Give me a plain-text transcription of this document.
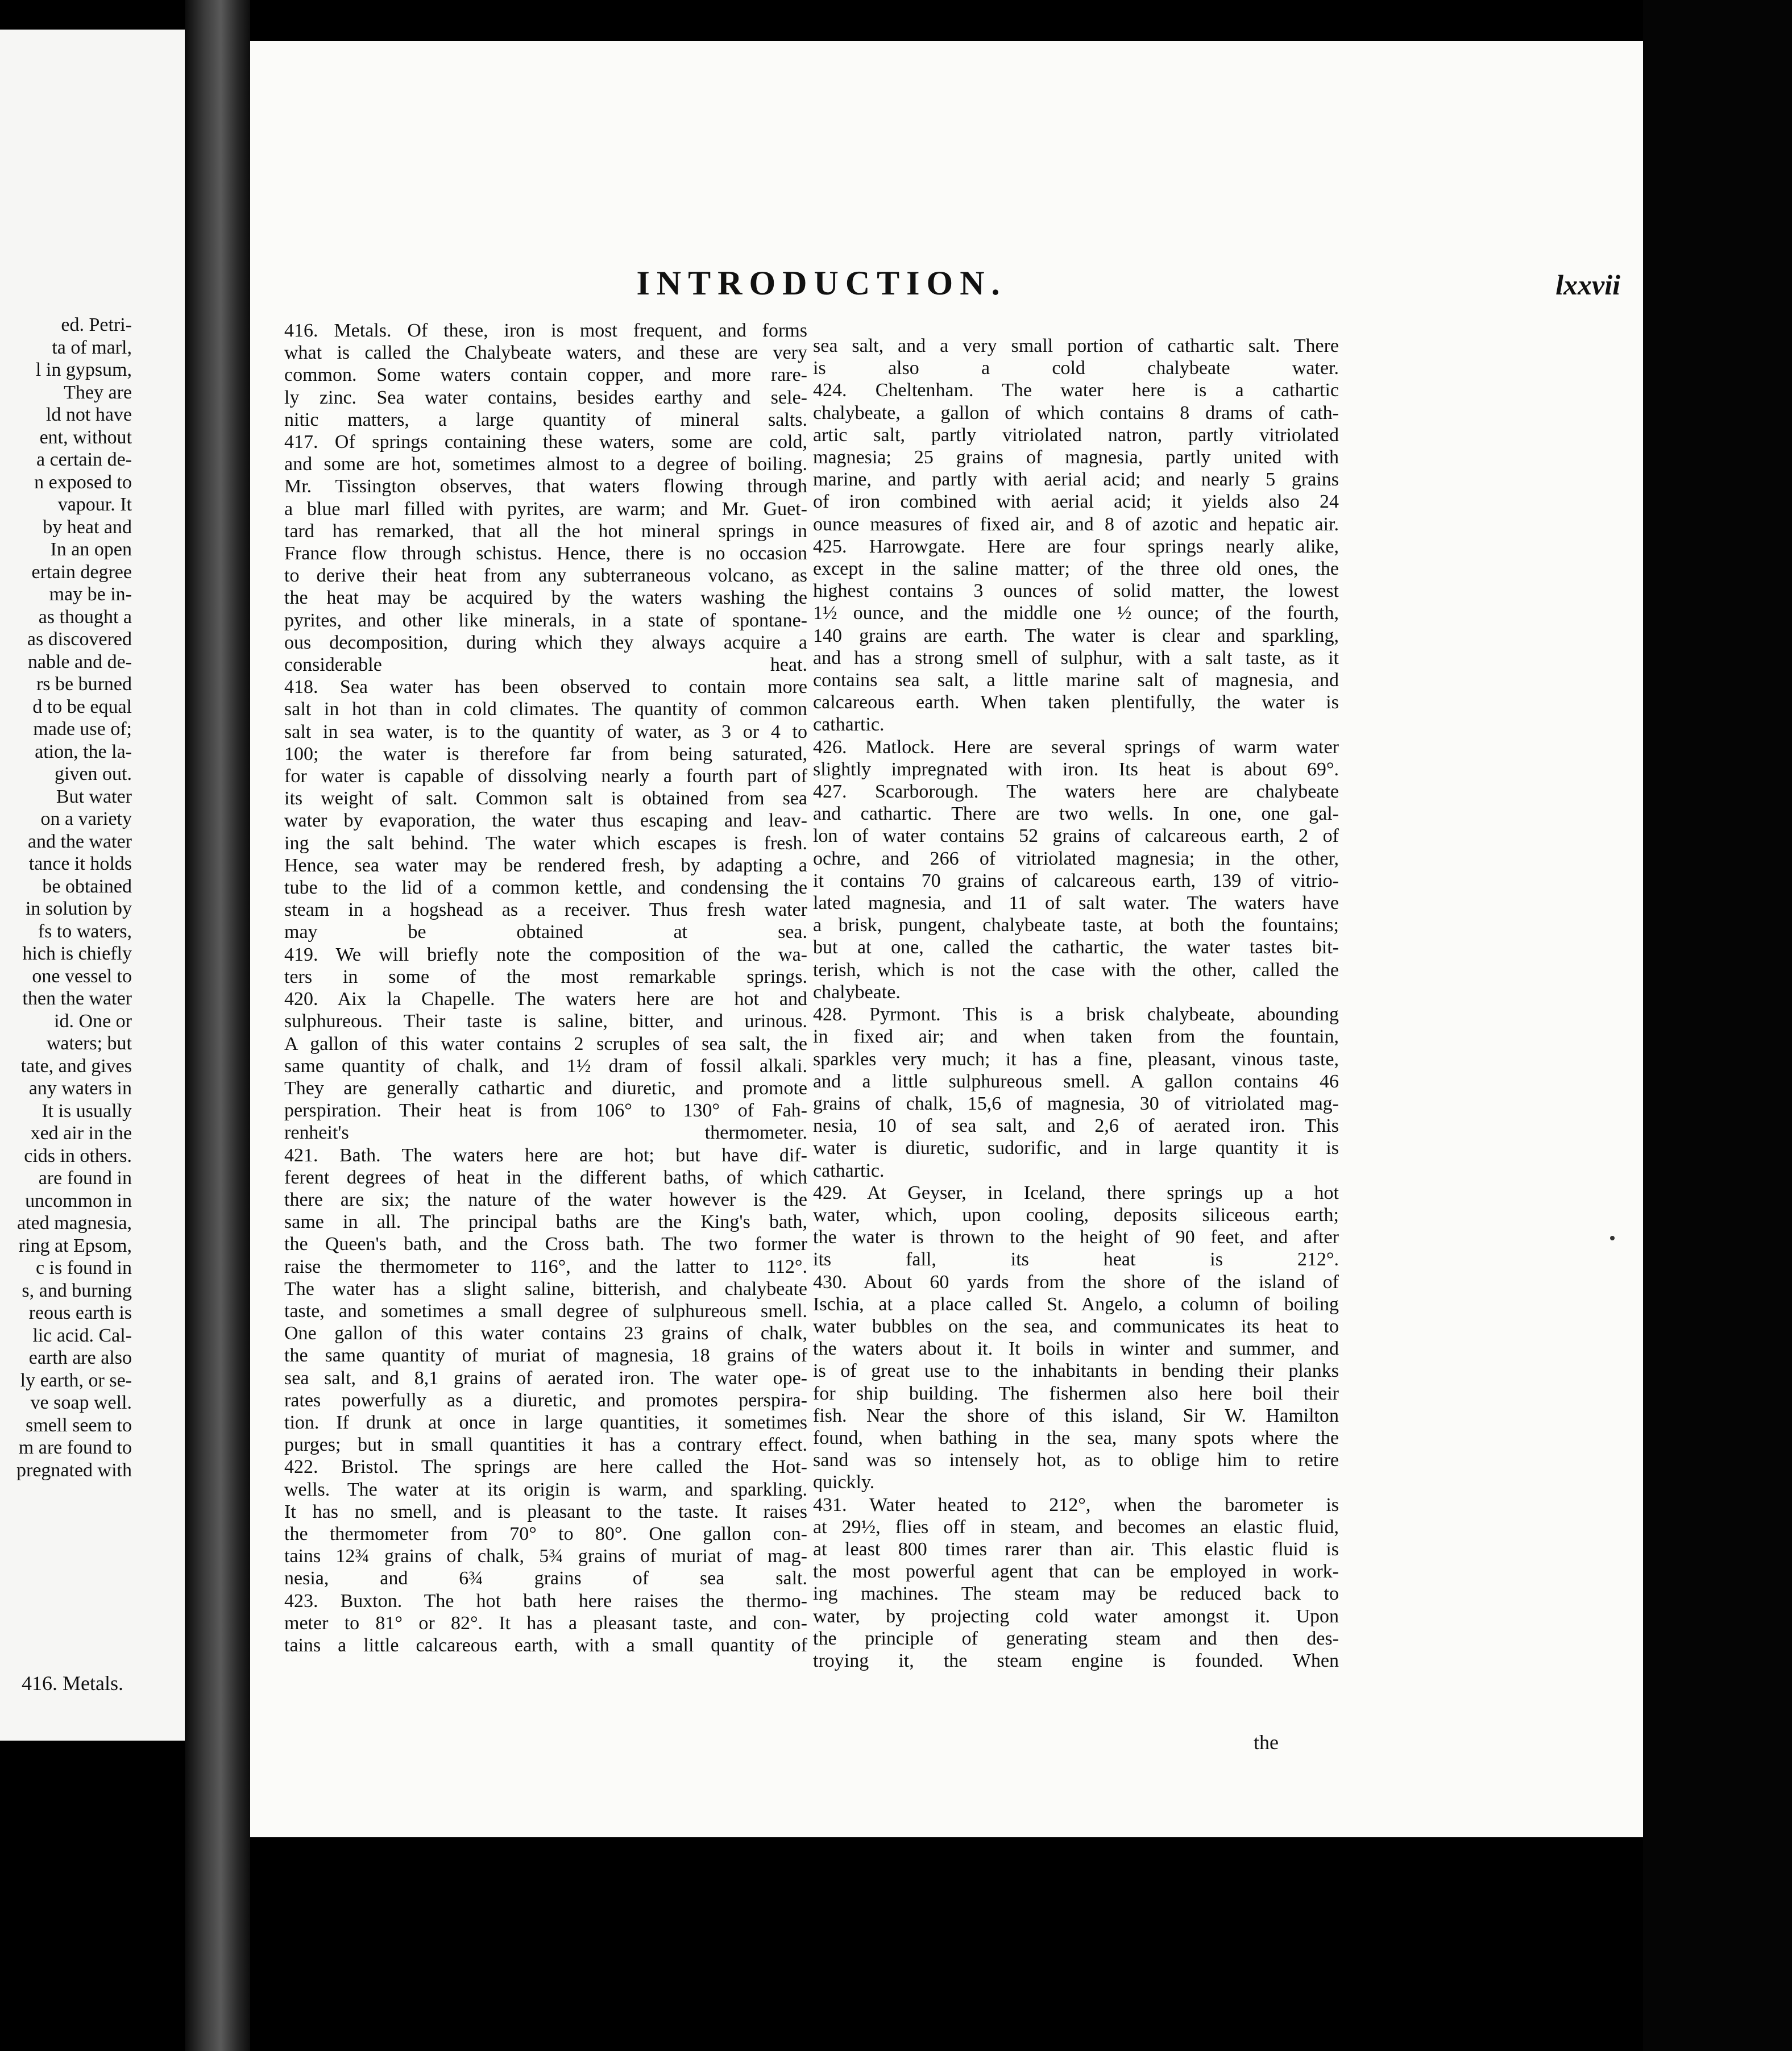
ed. Petri-
ta of marl,
l in gypsum,
They are
ld not have
ent, without
a certain de-
n exposed to
vapour. It
by heat and
In an open
ertain degree
may be in-
as thought a
as discovered
nable and de-
rs be burned
d to be equal
made use of;
ation, the la-
given out.
But water
on a variety
and the water
tance it holds
be obtained
in solution by
fs to waters,
hich is chiefly
one vessel to
then the water
id. One or
waters; but
tate, and gives
any waters in
It is usually
xed air in the
cids in others.
are found in
uncommon in
ated magnesia,
ring at Epsom,
c is found in
s, and burning
reous earth is
lic acid. Cal-
earth are also
ly earth, or se-
ve soap well.
smell seem to
m are found to
pregnated with
416. Metals.
INTRODUCTION.	lxxvii

416. Metals. Of these, iron is most frequent, and forms
what is called the Chalybeate waters, and these are very
common. Some waters contain copper, and more rare-
ly zinc. Sea water contains, besides earthy and sele-
nitic matters, a large quantity of mineral salts.
417. Of springs containing these waters, some are cold,
and some are hot, sometimes almost to a degree of boiling.
Mr. Tissington observes, that waters flowing through
a blue marl filled with pyrites, are warm; and Mr. Guet-
tard has remarked, that all the hot mineral springs in
France flow through schistus. Hence, there is no occasion
to derive their heat from any subterraneous volcano, as
the heat may be acquired by the waters washing the
pyrites, and other like minerals, in a state of spontane-
ous decomposition, during which they always acquire a
considerable heat.
418. Sea water has been observed to contain more
salt in hot than in cold climates. The quantity of common
salt in sea water, is to the quantity of water, as 3 or 4 to
100; the water is therefore far from being saturated,
for water is capable of dissolving nearly a fourth part of
its weight of salt. Common salt is obtained from sea
water by evaporation, the water thus escaping and leav-
ing the salt behind. The water which escapes is fresh.
Hence, sea water may be rendered fresh, by adapting a
tube to the lid of a common kettle, and condensing the
steam in a hogshead as a receiver. Thus fresh water
may be obtained at sea.
419. We will briefly note the composition of the wa-
ters in some of the most remarkable springs.
420. Aix la Chapelle. The waters here are hot and
sulphureous. Their taste is saline, bitter, and urinous.
A gallon of this water contains 2 scruples of sea salt, the
same quantity of chalk, and 1½ dram of fossil alkali.
They are generally cathartic and diuretic, and promote
perspiration. Their heat is from 106° to 130° of Fah-
renheit's thermometer.
421. Bath. The waters here are hot; but have dif-
ferent degrees of heat in the different baths, of which
there are six; the nature of the water however is the
same in all. The principal baths are the King's bath,
the Queen's bath, and the Cross bath. The two former
raise the thermometer to 116°, and the latter to 112°.
The water has a slight saline, bitterish, and chalybeate
taste, and sometimes a small degree of sulphureous smell.
One gallon of this water contains 23 grains of chalk,
the same quantity of muriat of magnesia, 18 grains of
sea salt, and 8,1 grains of aerated iron. The water ope-
rates powerfully as a diuretic, and promotes perspira-
tion. If drunk at once in large quantities, it sometimes
purges; but in small quantities it has a contrary effect.
422. Bristol. The springs are here called the Hot-
wells. The water at its origin is warm, and sparkling.
It has no smell, and is pleasant to the taste. It raises
the thermometer from 70° to 80°. One gallon con-
tains 12¾ grains of chalk, 5¾ grains of muriat of mag-
nesia, and 6¾ grains of sea salt.
423. Buxton. The hot bath here raises the thermo-
meter to 81° or 82°. It has a pleasant taste, and con-
tains a little calcareous earth, with a small quantity of

sea salt, and a very small portion of cathartic salt. There
is also a cold chalybeate water.
424. Cheltenham. The water here is a cathartic
chalybeate, a gallon of which contains 8 drams of cath-
artic salt, partly vitriolated natron, partly vitriolated
magnesia; 25 grains of magnesia, partly united with
marine, and partly with aerial acid; and nearly 5 grains
of iron combined with aerial acid; it yields also 24
ounce measures of fixed air, and 8 of azotic and hepatic air.
425. Harrowgate. Here are four springs nearly alike,
except in the saline matter; of the three old ones, the
highest contains 3 ounces of solid matter, the lowest
1½ ounce, and the middle one ½ ounce; of the fourth,
140 grains are earth. The water is clear and sparkling,
and has a strong smell of sulphur, with a salt taste, as it
contains sea salt, a little marine salt of magnesia, and
calcareous earth. When taken plentifully, the water is
cathartic.
426. Matlock. Here are several springs of warm water
slightly impregnated with iron. Its heat is about 69°.
427. Scarborough. The waters here are chalybeate
and cathartic. There are two wells. In one, one gal-
lon of water contains 52 grains of calcareous earth, 2 of
ochre, and 266 of vitriolated magnesia; in the other,
it contains 70 grains of calcareous earth, 139 of vitrio-
lated magnesia, and 11 of salt water. The waters have
a brisk, pungent, chalybeate taste, at both the fountains;
but at one, called the cathartic, the water tastes bit-
terish, which is not the case with the other, called the
chalybeate.
428. Pyrmont. This is a brisk chalybeate, abounding
in fixed air; and when taken from the fountain,
sparkles very much; it has a fine, pleasant, vinous taste,
and a little sulphureous smell. A gallon contains 46
grains of chalk, 15,6 of magnesia, 30 of vitriolated mag-
nesia, 10 of sea salt, and 2,6 of aerated iron. This
water is diuretic, sudorific, and in large quantity it is
cathartic.
429. At Geyser, in Iceland, there springs up a hot
water, which, upon cooling, deposits siliceous earth;
the water is thrown to the height of 90 feet, and after
its fall, its heat is 212°.
430. About 60 yards from the shore of the island of
Ischia, at a place called St. Angelo, a column of boiling
water bubbles on the sea, and communicates its heat to
the waters about it. It boils in winter and summer, and
is of great use to the inhabitants in bending their planks
for ship building. The fishermen also here boil their
fish. Near the shore of this island, Sir W. Hamilton
found, when bathing in the sea, many spots where the
sand was so intensely hot, as to oblige him to retire
quickly.
431. Water heated to 212°, when the barometer is
at 29½, flies off in steam, and becomes an elastic fluid,
at least 800 times rarer than air. This elastic fluid is
the most powerful agent that can be employed in work-
ing machines. The steam may be reduced back to
water, by projecting cold water amongst it. Upon
the principle of generating steam and then des-
troying it, the steam engine is founded. When

the
